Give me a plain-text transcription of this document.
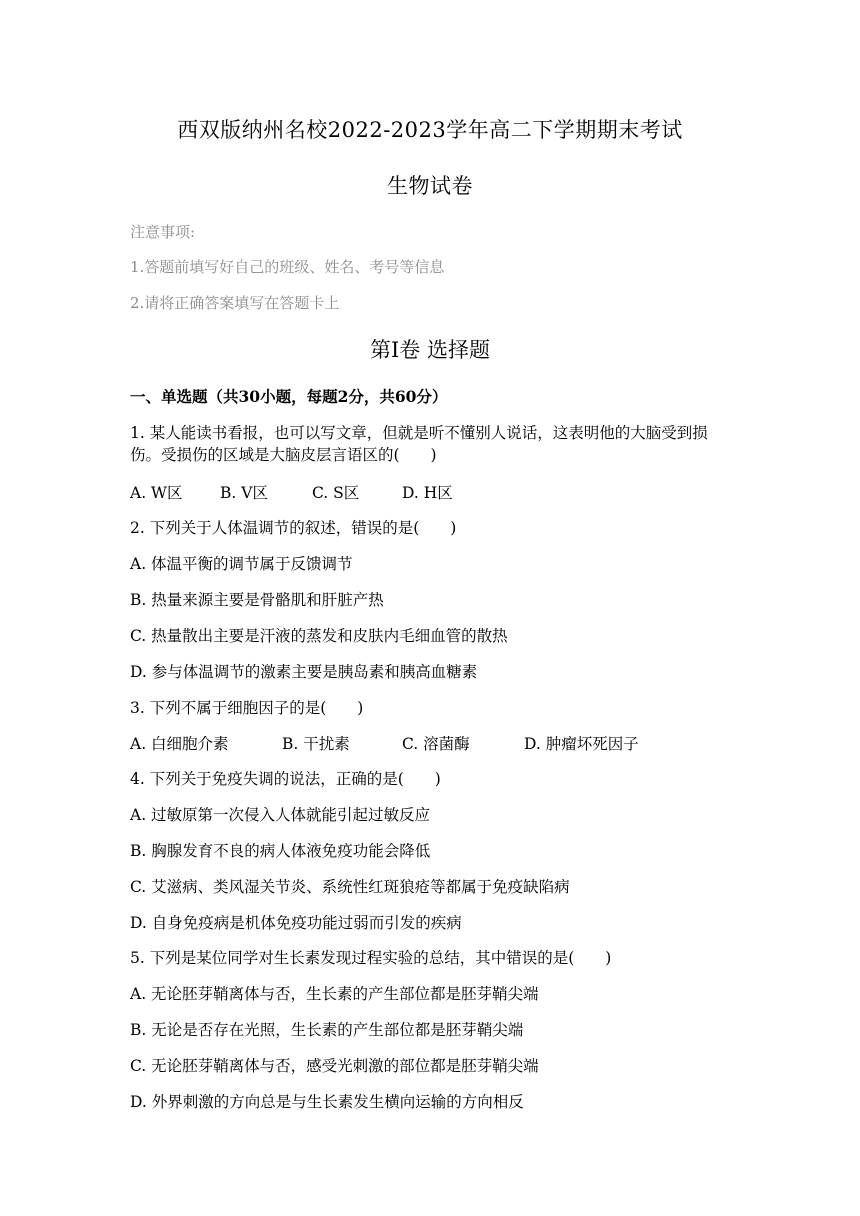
西双版纳州名校2022-2023学年高二下学期期末考试
生物试卷
注意事项:
1.答题前填写好自己的班级、姓名、考号等信息
2.请将正确答案填写在答题卡上
第Ⅰ卷 选择题
一、单选题（共30小题，每题2分，共60分）
1. 某人能读书看报，也可以写文章，但就是听不懂别人说话，这表明他的大脑受到损
伤。受损伤的区域是大脑皮层言语区的(　　)
A. W区 B. V区	C. S区	D. H区
2. 下列关于人体温调节的叙述，错误的是(　　)
A. 体温平衡的调节属于反馈调节
B. 热量来源主要是骨骼肌和肝脏产热
C. 热量散出主要是汗液的蒸发和皮肤内毛细血管的散热
D. 参与体温调节的激素主要是胰岛素和胰高血糖素
3. 下列不属于细胞因子的是(　　)
A. 白细胞介素	B. 干扰素	C. 溶菌酶	D. 肿瘤坏死因子
4. 下列关于免疫失调的说法，正确的是(　　)
A. 过敏原第一次侵入人体就能引起过敏反应
B. 胸腺发育不良的病人体液免疫功能会降低
C. 艾滋病、类风湿关节炎、系统性红斑狼疮等都属于免疫缺陷病
D. 自身免疫病是机体免疫功能过弱而引发的疾病
5. 下列是某位同学对生长素发现过程实验的总结，其中错误的是(　　)
A. 无论胚芽鞘离体与否，生长素的产生部位都是胚芽鞘尖端
B. 无论是否存在光照，生长素的产生部位都是胚芽鞘尖端
C. 无论胚芽鞘离体与否，感受光刺激的部位都是胚芽鞘尖端
D. 外界刺激的方向总是与生长素发生横向运输的方向相反
